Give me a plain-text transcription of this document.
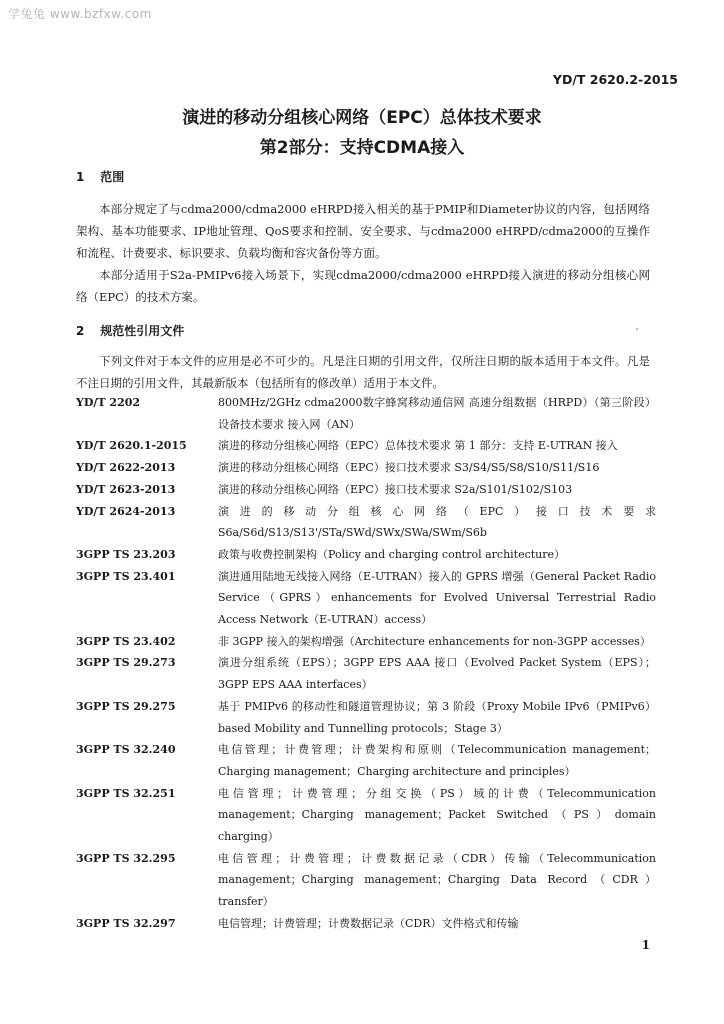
学兔兔 www.bzfxw.com
YD/T 2620.2-2015
演进的移动分组核心网络（EPC）总体技术要求
第2部分：支持CDMA接入
1 范围
本部分规定了与cdma2000/cdma2000 eHRPD接入相关的基于PMIP和Diameter协议的内容，包括网络架构、基本功能要求、IP地址管理、QoS要求和控制、安全要求、与cdma2000 eHRPD/cdma2000的互操作和流程、计费要求、标识要求、负载均衡和容灾备份等方面。
本部分适用于S2a-PMIPv6接入场景下，实现cdma2000/cdma2000 eHRPD接入演进的移动分组核心网络（EPC）的技术方案。
2 规范性引用文件
下列文件对于本文件的应用是必不可少的。凡是注日期的引用文件，仅所注日期的版本适用于本文件。凡是不注日期的引用文件，其最新版本（包括所有的修改单）适用于本文件。
YD/T 2202	800MHz/2GHz cdma2000数字蜂窝移动通信网 高速分组数据（HRPD）（第三阶段）设备技术要求 接入网（AN）
YD/T 2620.1-2015	演进的移动分组核心网络（EPC）总体技术要求 第 1 部分：支持 E-UTRAN 接入
YD/T 2622-2013	演进的移动分组核心网络（EPC）接口技术要求 S3/S4/S5/S8/S10/S11/S16
YD/T 2623-2013	演进的移动分组核心网络（EPC）接口技术要求 S2a/S101/S102/S103
YD/T 2624-2013	演进的移动分组核心网络（EPC）接口技术要求 S6a/S6d/S13/S13'/STa/SWd/SWx/SWa/SWm/S6b
3GPP TS 23.203	政策与收费控制架构（Policy and charging control architecture）
3GPP TS 23.401	演进通用陆地无线接入网络（E-UTRAN）接入的 GPRS 增强（General Packet Radio Service（GPRS）enhancements for Evolved Universal Terrestrial Radio Access Network（E-UTRAN）access）
3GPP TS 23.402	非 3GPP 接入的架构增强（Architecture enhancements for non-3GPP accesses）
3GPP TS 29.273	演进分组系统（EPS）；3GPP EPS AAA 接口（Evolved Packet System（EPS）；3GPP EPS AAA interfaces）
3GPP TS 29.275	基于 PMIPv6 的移动性和隧道管理协议；第 3 阶段（Proxy Mobile IPv6（PMIPv6）based Mobility and Tunnelling protocols；Stage 3）
3GPP TS 32.240	电信管理；计费管理；计费架构和原则（Telecommunication management；Charging management；Charging architecture and principles）
3GPP TS 32.251	电信管理；计费管理；分组交换（PS）域的计费（Telecommunication management；Charging management；Packet Switched（PS）domain charging）
3GPP TS 32.295	电信管理；计费管理；计费数据记录（CDR）传输（Telecommunication management；Charging management；Charging Data Record（CDR）transfer）
3GPP TS 32.297	电信管理；计费管理；计费数据记录（CDR）文件格式和传输
1
